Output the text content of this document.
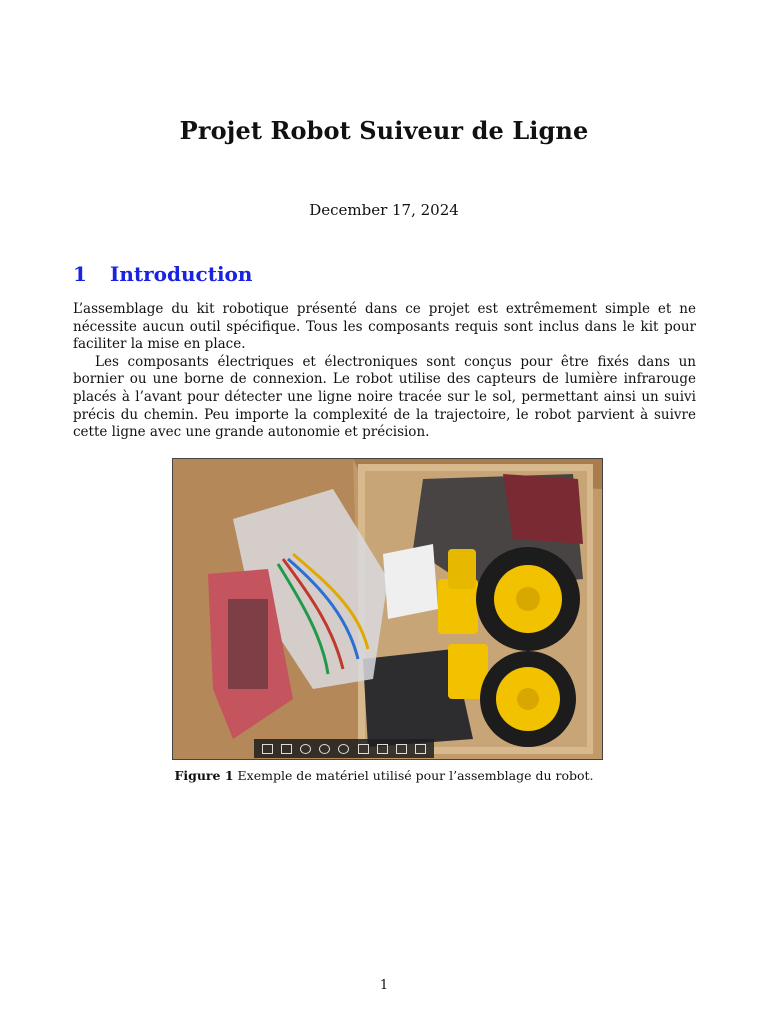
Projet Robot Suiveur de Ligne
December 17, 2024
1 Introduction

L’assemblage du kit robotique présenté dans ce projet est extrêmement simple et ne nécessite aucun outil spécifique. Tous les composants requis sont inclus dans le kit pour faciliter la mise en place.

Les composants électriques et électroniques sont conçus pour être fixés dans un bornier ou une borne de connexion. Le robot utilise des capteurs de lumière infrarouge placés à l’avant pour détecter une ligne noire tracée sur le sol, permettant ainsi un suivi précis du chemin. Peu importe la complexité de la trajectoire, le robot parvient à suivre cette ligne avec une grande autonomie et précision.

Figure 1 Exemple de matériel utilisé pour l’assemblage du robot.
1
